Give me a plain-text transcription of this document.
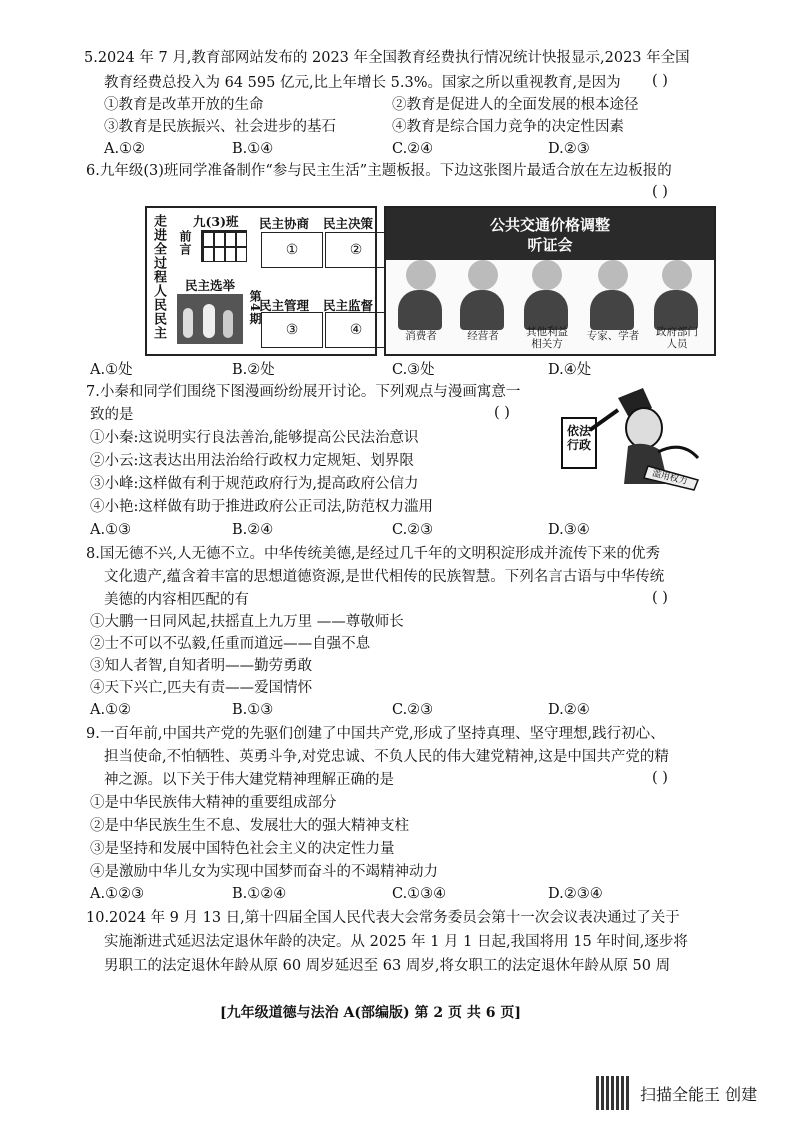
5.2024 年 7 月,教育部网站发布的 2023 年全国教育经费执行情况统计快报显示,2023 年全国
教育经费总投入为 64 595 亿元,比上年增长 5.3%。国家之所以重视教育,是因为 ( )
①教育是改革开放的生命	②教育是促进人的全面发展的根本途径
③教育是民族振兴、社会进步的基石	④教育是综合国力竞争的决定性因素
A.①②	B.①④	C.②④	D.②③
6.九年级(3)班同学准备制作“参与民主生活”主题板报。下边这张图片最适合放在左边板报的
( )
走进全过程人民民主 九(3)班
前言
民主选举
第4期
民主协商 民主决策
①	②
民主管理 民主监督
③	④
公共交通价格调整
听证会
消费者	经营者	其他利益
相关方
专家、学者	政府部门
人员
A.①处	B.②处	C.③处	D.④处
7.小秦和同学们围绕下图漫画纷纷展开讨论。下列观点与漫画寓意一
致的是	( )
依法行政
滥用权力
①小秦:这说明实行良法善治,能够提高公民法治意识
②小云:这表达出用法治给行政权力定规矩、划界限
③小峰:这样做有利于规范政府行为,提高政府公信力
④小艳:这样做有助于推进政府公正司法,防范权力滥用
A.①③	B.②④	C.②③	D.③④
8.国无德不兴,人无德不立。中华传统美德,是经过几千年的文明积淀形成并流传下来的优秀
文化遗产,蕴含着丰富的思想道德资源,是世代相传的民族智慧。下列名言古语与中华传统
美德的内容相匹配的有	( )
①大鹏一日同风起,扶摇直上九万里 ——尊敬师长
②士不可以不弘毅,任重而道远——自强不息
③知人者智,自知者明——勤劳勇敢
④天下兴亡,匹夫有责——爱国情怀
A.①②	B.①③	C.②③	D.②④
9.一百年前,中国共产党的先驱们创建了中国共产党,形成了坚持真理、坚守理想,践行初心、
担当使命,不怕牺牲、英勇斗争,对党忠诚、不负人民的伟大建党精神,这是中国共产党的精
神之源。以下关于伟大建党精神理解正确的是	( )
①是中华民族伟大精神的重要组成部分
②是中华民族生生不息、发展壮大的强大精神支柱
③是坚持和发展中国特色社会主义的决定性力量
④是激励中华儿女为实现中国梦而奋斗的不竭精神动力
A.①②③	B.①②④	C.①③④	D.②③④
10.2024 年 9 月 13 日,第十四届全国人民代表大会常务委员会第十一次会议表决通过了关于
实施渐进式延迟法定退休年龄的决定。从 2025 年 1 月 1 日起,我国将用 15 年时间,逐步将
男职工的法定退休年龄从原 60 周岁延迟至 63 周岁,将女职工的法定退休年龄从原 50 周
[九年级道德与法治 A(部编版) 第 2 页 共 6 页]
扫描全能王 创建
